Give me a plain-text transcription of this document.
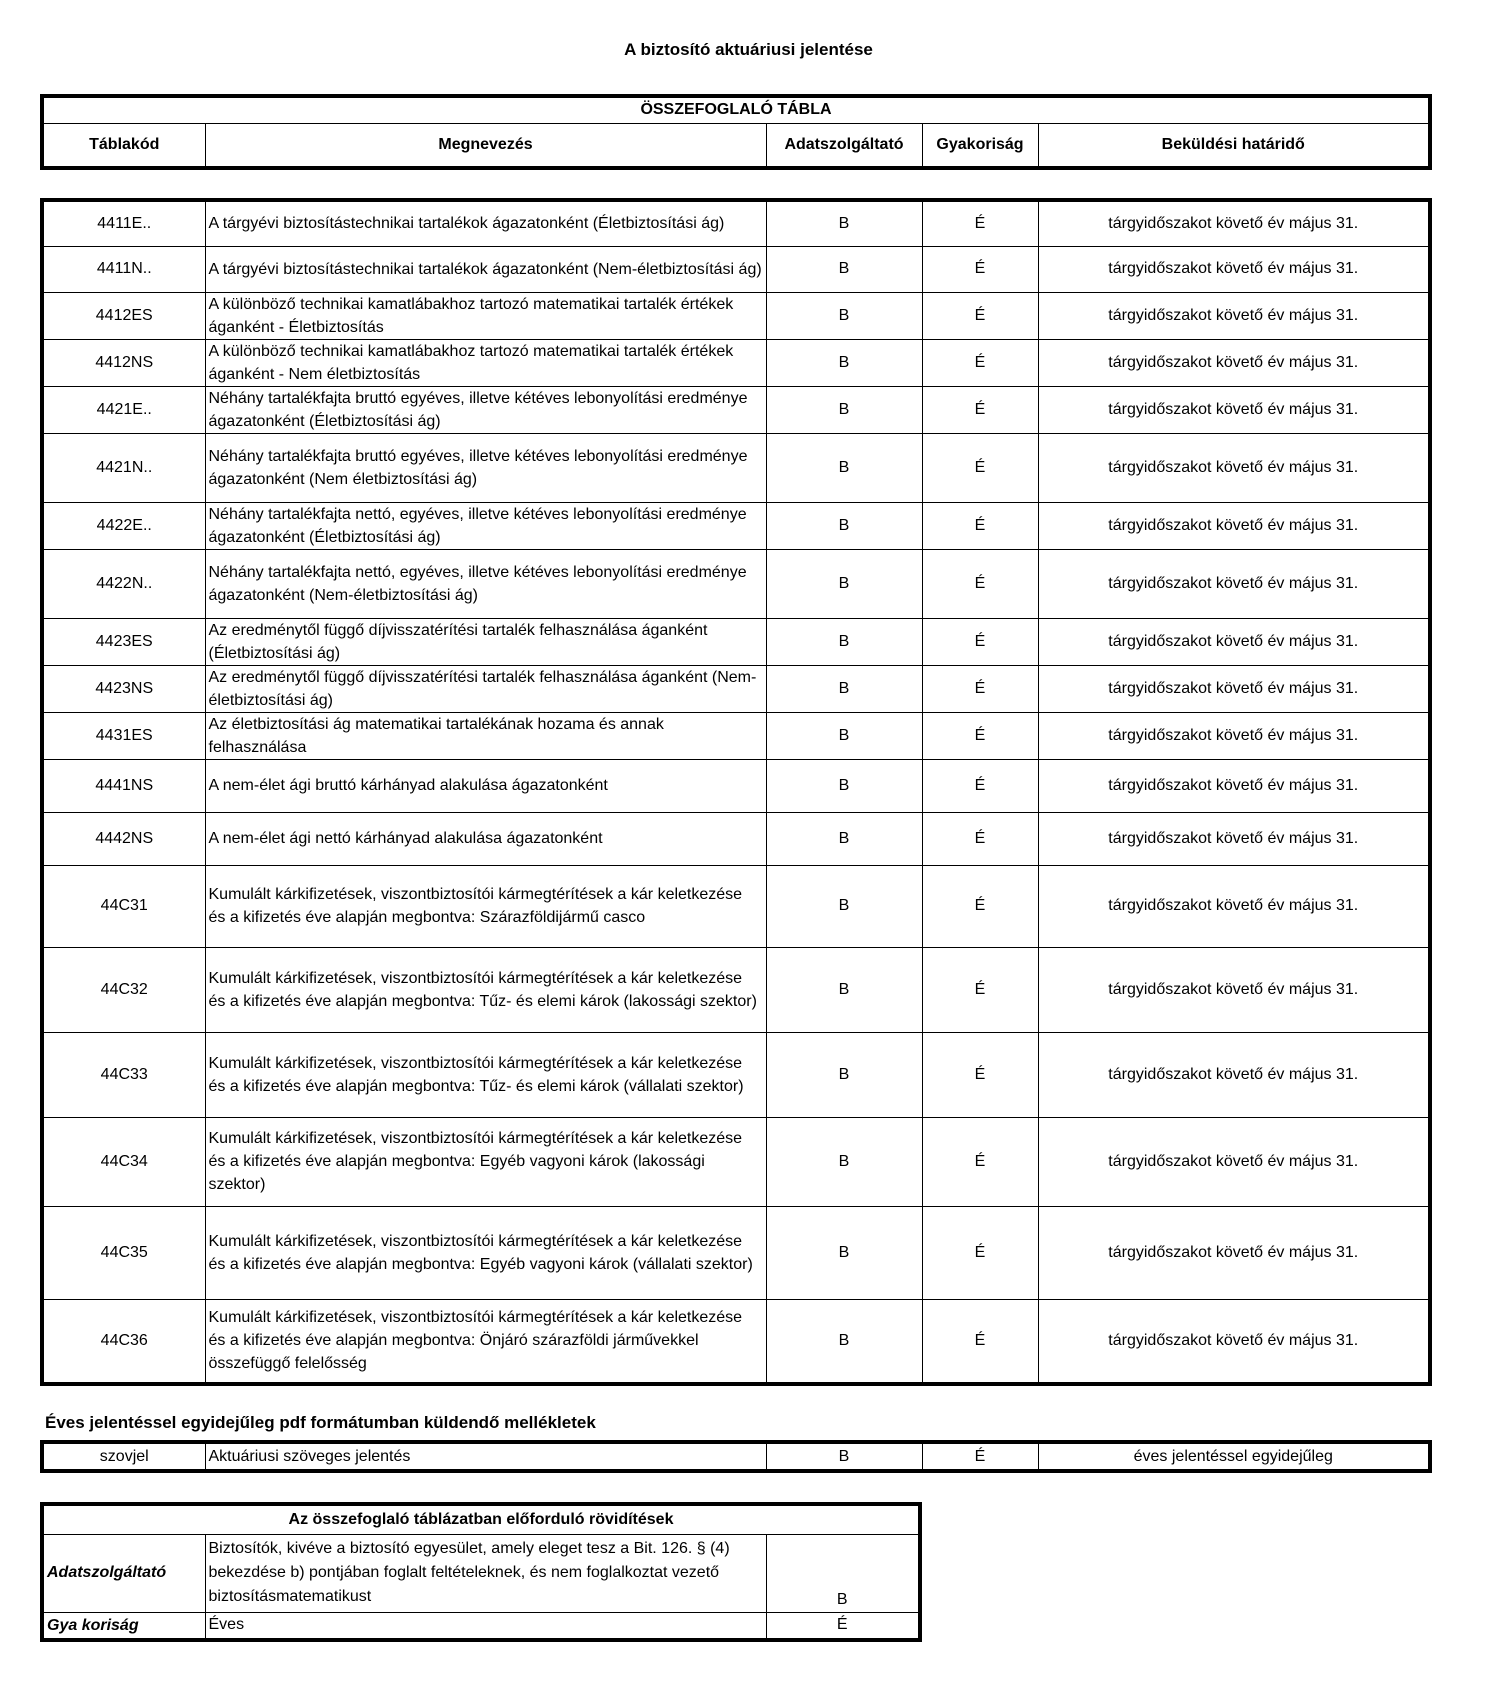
A biztosító aktuáriusi jelentése
ÖSSZEFOGLALÓ TÁBLA
Táblakód	Megnevezés	Adatszolgáltató	Gyakoriság	Beküldési határidő
4411E..	A tárgyévi biztosítástechnikai tartalékok ágazatonként (Életbiztosítási ág)	B	É	tárgyidőszakot követő év május 31.
4411N..	A tárgyévi biztosítástechnikai tartalékok ágazatonként (Nem-életbiztosítási ág)	B	É	tárgyidőszakot követő év május 31.
4412ES	A különböző technikai kamatlábakhoz tartozó matematikai tartalék értékek áganként - Életbiztosítás	B	É	tárgyidőszakot követő év május 31.
4412NS	A különböző technikai kamatlábakhoz tartozó matematikai tartalék értékek áganként - Nem életbiztosítás	B	É	tárgyidőszakot követő év május 31.
4421E..	Néhány tartalékfajta bruttó egyéves, illetve kétéves lebonyolítási eredménye ágazatonként (Életbiztosítási ág)	B	É	tárgyidőszakot követő év május 31.
4421N..	Néhány tartalékfajta bruttó egyéves, illetve kétéves lebonyolítási eredménye ágazatonként (Nem életbiztosítási ág)	B	É	tárgyidőszakot követő év május 31.
4422E..	Néhány tartalékfajta nettó, egyéves, illetve kétéves lebonyolítási eredménye ágazatonként (Életbiztosítási ág)	B	É	tárgyidőszakot követő év május 31.
4422N..	Néhány tartalékfajta nettó, egyéves, illetve kétéves lebonyolítási eredménye ágazatonként (Nem-életbiztosítási ág)	B	É	tárgyidőszakot követő év május 31.
4423ES	Az eredménytől függő díjvisszatérítési tartalék felhasználása áganként (Életbiztosítási ág)	B	É	tárgyidőszakot követő év május 31.
4423NS	Az eredménytől függő díjvisszatérítési tartalék felhasználása áganként (Nem-életbiztosítási ág)	B	É	tárgyidőszakot követő év május 31.
4431ES	Az életbiztosítási ág matematikai tartalékának hozama és annak felhasználása	B	É	tárgyidőszakot követő év május 31.
4441NS	A nem-élet ági bruttó kárhányad alakulása ágazatonként	B	É	tárgyidőszakot követő év május 31.
4442NS	A nem-élet ági nettó kárhányad alakulása ágazatonként	B	É	tárgyidőszakot követő év május 31.
44C31	Kumulált kárkifizetések, viszontbiztosítói kármegtérítések a kár keletkezése és a kifizetés éve alapján megbontva: Szárazföldijármű casco	B	É	tárgyidőszakot követő év május 31.
44C32	Kumulált kárkifizetések, viszontbiztosítói kármegtérítések a kár keletkezése és a kifizetés éve alapján megbontva: Tűz- és elemi károk (lakossági szektor)	B	É	tárgyidőszakot követő év május 31.
44C33	Kumulált kárkifizetések, viszontbiztosítói kármegtérítések a kár keletkezése és a kifizetés éve alapján megbontva: Tűz- és elemi károk (vállalati szektor)	B	É	tárgyidőszakot követő év május 31.
44C34	Kumulált kárkifizetések, viszontbiztosítói kármegtérítések a kár keletkezése és a kifizetés éve alapján megbontva: Egyéb vagyoni károk (lakossági szektor)	B	É	tárgyidőszakot követő év május 31.
44C35	Kumulált kárkifizetések, viszontbiztosítói kármegtérítések a kár keletkezése és a kifizetés éve alapján megbontva: Egyéb vagyoni károk (vállalati szektor)	B	É	tárgyidőszakot követő év május 31.
44C36	Kumulált kárkifizetések, viszontbiztosítói kármegtérítések a kár keletkezése és a kifizetés éve alapján megbontva: Önjáró szárazföldi járművekkel összefüggő felelősség	B	É	tárgyidőszakot követő év május 31.
Éves jelentéssel egyidejűleg pdf formátumban küldendő mellékletek
szovjel	Aktuáriusi szöveges jelentés	B	É	éves jelentéssel egyidejűleg
Az összefoglaló táblázatban előforduló rövidítések		
Adatszolgáltató	Biztosítók, kivéve a biztosító egyesület, amely eleget tesz a Bit. 126. § (4) bekezdése b) pontjában foglalt feltételeknek, és nem foglalkoztat vezető biztosításmatematikust	B
Gya koriság	Éves	É
